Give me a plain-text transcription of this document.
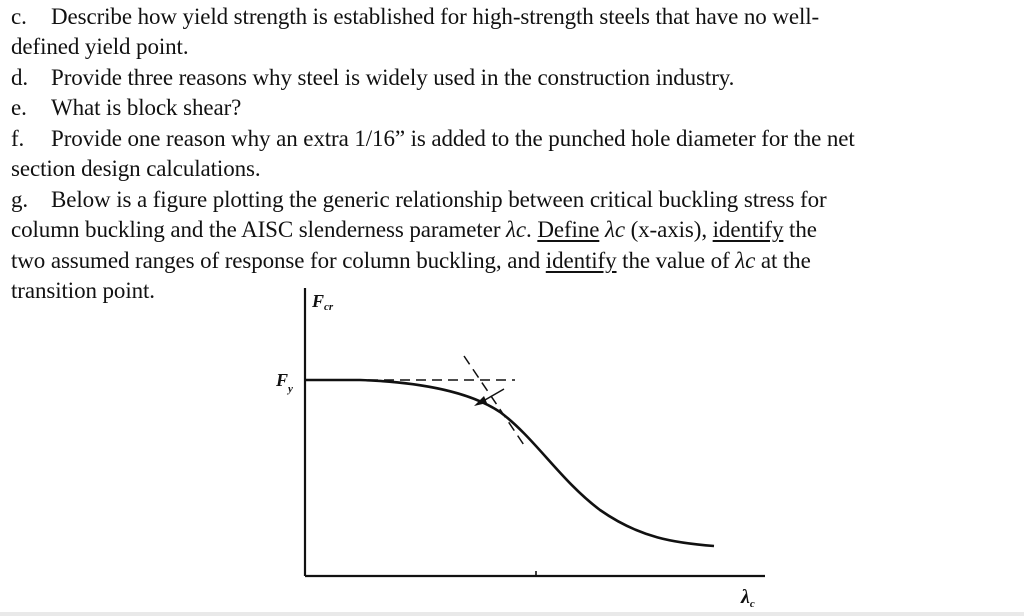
c. Describe how yield strength is established for high-strength steels that have no well-

defined yield point.

d. Provide three reasons why steel is widely used in the construction industry.

e. What is block shear?

f. Provide one reason why an extra 1/16” is added to the punched hole diameter for the net

section design calculations.

g. Below is a figure plotting the generic relationship between critical buckling stress for

column buckling and the AISC slenderness parameter λc. Define λc (x-axis), identify the

two assumed ranges of response for column buckling, and identify the value of λc at the

transition point.	Fcr
$F_y$
$\lambda_c$
